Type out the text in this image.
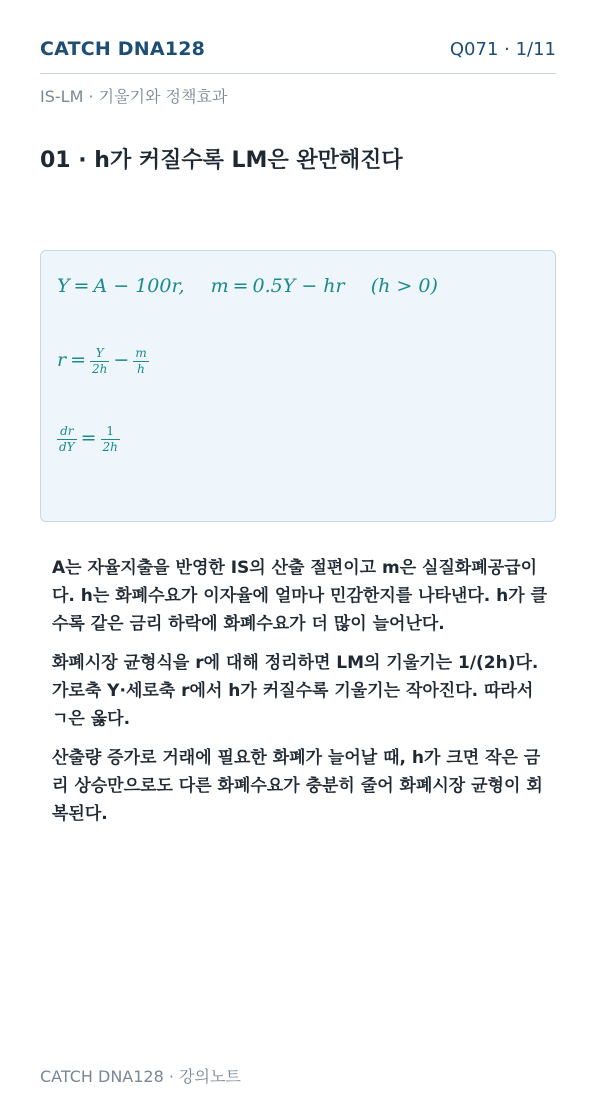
CATCH DNA128	Q071 · 1/11
IS-LM · 기울기와 정책효과
01 · h가 커질수록 LM은 완만해진다
Y = A − 100r, m = 0.5Y − hr (h > 0)
$r = \frac{Y}{2h} - \frac{m}{h}$
$\frac{dr}{dY} = \frac{1}{2h}$

A는 자율지출을 반영한 IS의 산출 절편이고 m은 실질화폐공급이다. h는 화폐수요가 이자율에 얼마나 민감한지를 나타낸다. h가 클수록 같은 금리 하락에 화폐수요가 더 많이 늘어난다.

화폐시장 균형식을 r에 대해 정리하면 LM의 기울기는 1/(2h)다. 가로축 Y·세로축 r에서 h가 커질수록 기울기는 작아진다. 따라서 ㄱ은 옳다.

산출량 증가로 거래에 필요한 화폐가 늘어날 때, h가 크면 작은 금리 상승만으로도 다른 화폐수요가 충분히 줄어 화폐시장 균형이 회복된다.

CATCH DNA128 · 강의노트
